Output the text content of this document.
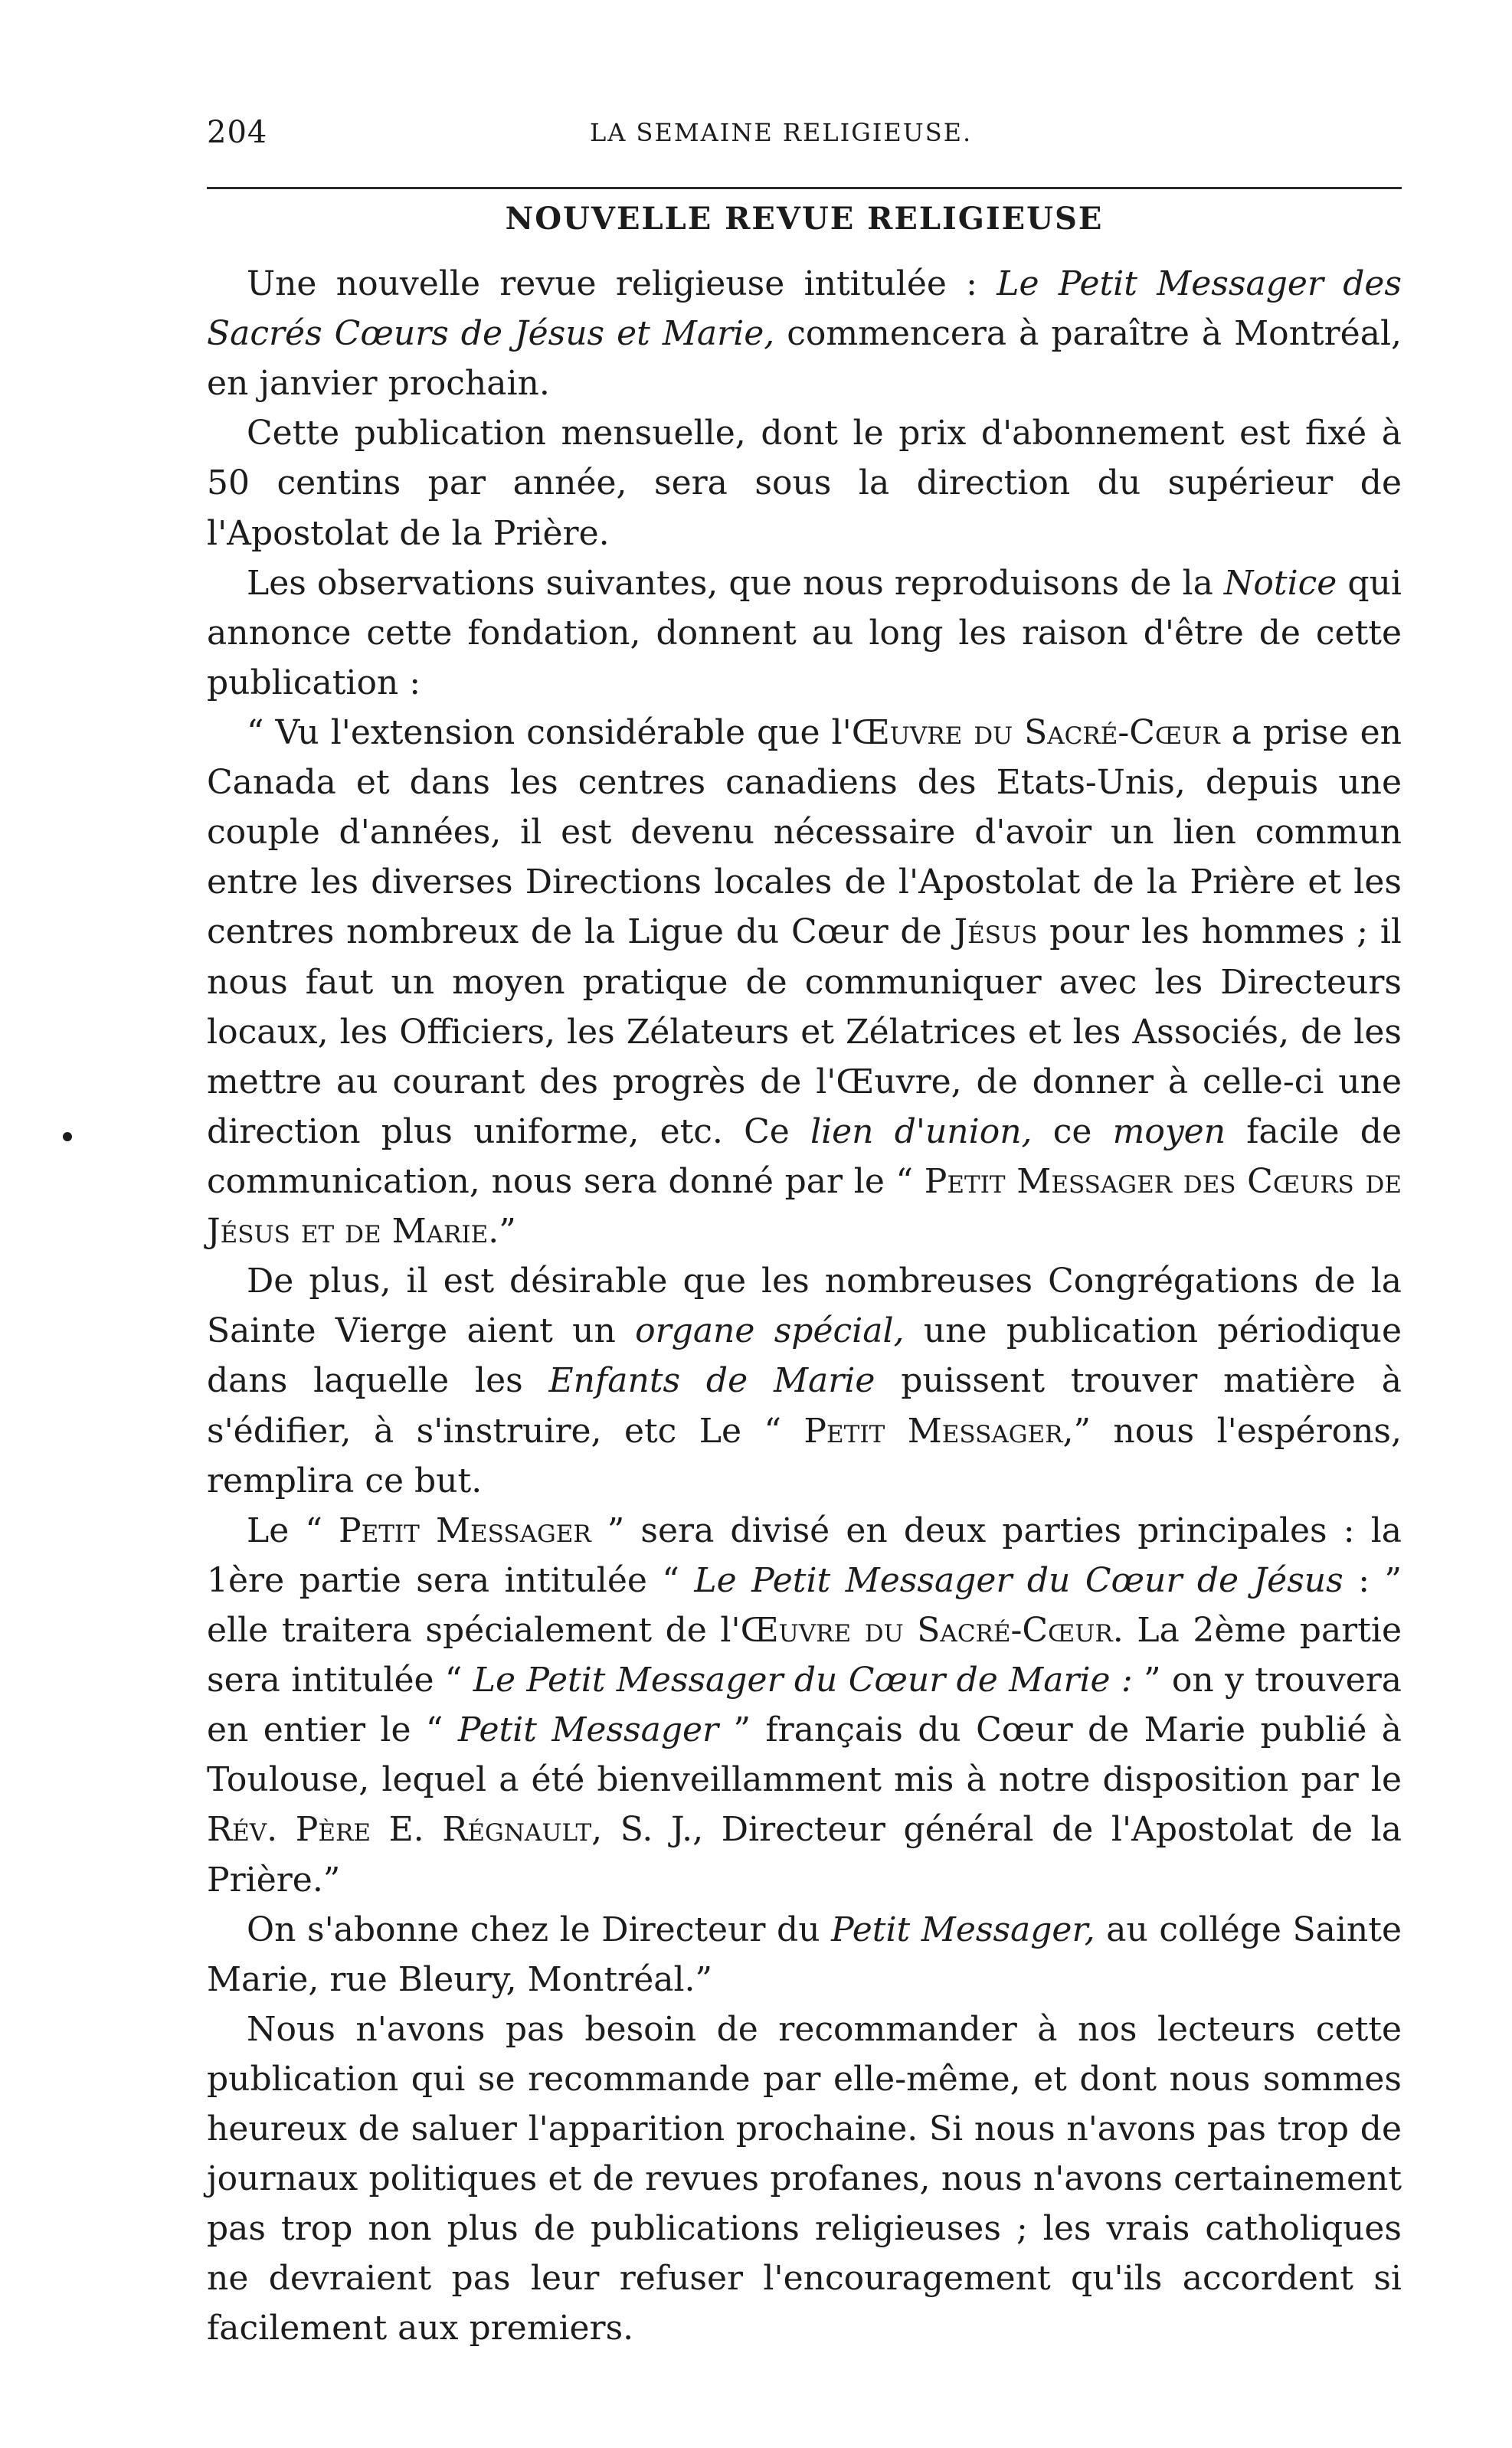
204	LA SEMAINE RELIGIEUSE.
NOUVELLE REVUE RELIGIEUSE

Une nouvelle revue religieuse intitulée : Le Petit Messager des Sacrés Cœurs de Jésus et Marie, commencera à paraître à Montréal, en janvier prochain.

Cette publication mensuelle, dont le prix d'abonnement est fixé à 50 centins par année, sera sous la direction du supérieur de l'Apostolat de la Prière.

Les observations suivantes, que nous reproduisons de la Notice qui annonce cette fondation, donnent au long les raison d'être de cette publication :

“ Vu l'extension considérable que l'Œuvre du Sacré-Cœur a prise en Canada et dans les centres canadiens des Etats-Unis, depuis une couple d'années, il est devenu nécessaire d'avoir un lien commun entre les diverses Directions locales de l'Apostolat de la Prière et les centres nombreux de la Ligue du Cœur de Jésus pour les hommes ; il nous faut un moyen pratique de communiquer avec les Directeurs locaux, les Officiers, les Zélateurs et Zélatrices et les Associés, de les mettre au courant des progrès de l'Œuvre, de donner à celle-ci une direction plus uniforme, etc. Ce lien d'union, ce moyen facile de communication, nous sera donné par le “ Petit Messager des Cœurs de Jésus et de Marie.”

De plus, il est désirable que les nombreuses Congrégations de la Sainte Vierge aient un organe spécial, une publication périodique dans laquelle les Enfants de Marie puissent trouver matière à s'édifier, à s'instruire, etc Le “ Petit Messager,” nous l'espérons, remplira ce but.

Le “ Petit Messager ” sera divisé en deux parties principales : la 1ère partie sera intitulée “ Le Petit Messager du Cœur de Jésus : ” elle traitera spécialement de l'Œuvre du Sacré-Cœur. La 2ème partie sera intitulée “ Le Petit Messager du Cœur de Marie : ” on y trouvera en entier le “ Petit Messager ” français du Cœur de Marie publié à Toulouse, lequel a été bienveillamment mis à notre disposition par le Rév. Père E. Régnault, S. J., Directeur général de l'Apostolat de la Prière.”

On s'abonne chez le Directeur du Petit Messager, au collége Sainte Marie, rue Bleury, Montréal.”

Nous n'avons pas besoin de recommander à nos lecteurs cette publication qui se recommande par elle-même, et dont nous sommes heureux de saluer l'apparition prochaine. Si nous n'avons pas trop de journaux politiques et de revues profanes, nous n'avons certainement pas trop non plus de publications religieuses ; les vrais catholiques ne devraient pas leur refuser l'encouragement qu'ils accordent si facilement aux premiers.
